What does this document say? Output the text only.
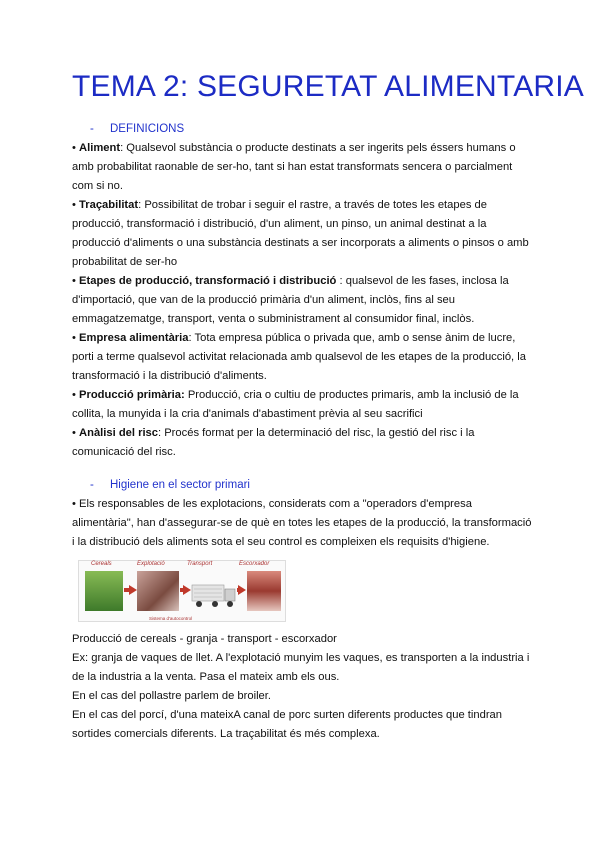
TEMA 2: SEGURETAT ALIMENTARIA
- DEFINICIONS

• Aliment: Qualsevol substància o producte destinats a ser ingerits pels éssers humans o amb probabilitat raonable de ser-ho, tant si han estat transformats sencera o parcialment com si no.

• Traçabilitat: Possibilitat de trobar i seguir el rastre, a través de totes les etapes de producció, transformació i distribució, d'un aliment, un pinso, un animal destinat a la producció d'aliments o una substància destinats a ser incorporats a aliments o pinsos o amb probabilitat de ser-ho

• Etapes de producció, transformació i distribució : qualsevol de les fases, inclosa la d'importació, que van de la producció primària d'un aliment, inclòs, fins al seu emmagatzematge, transport, venta o subministrament al consumidor final, inclòs.

• Empresa alimentària: Tota empresa pública o privada que, amb o sense ànim de lucre, porti a terme qualsevol activitat relacionada amb qualsevol de les etapes de la producció, la transformació i la distribució d'aliments.

• Producció primària: Producció, cria o cultiu de productes primaris, amb la inclusió de la collita, la munyida i la cria d'animals d'abastiment prèvia al seu sacrifici

• Anàlisi del risc: Procés format per la determinació del risc, la gestió del risc i la comunicació del risc.

- Higiene en el sector primari

• Els responsables de les explotacions, considerats com a "operadors d'empresa alimentària", han d'assegurar-se de què en totes les etapes de la producció, la transformació i la distribució dels aliments sota el seu control es compleixen els requisits d'higiene.

Cereals	Explotació	Transport	Escorxador
Sistema d'autocontrol

Producció de cereals - granja - transport - escorxador

Ex: granja de vaques de llet. A l'explotació munyim les vaques, es transporten a la industria i de la industria a la venta. Pasa el mateix amb els ous.

En el cas del pollastre parlem de broiler.

En el cas del porcí, d'una mateixA canal de porc surten diferents productes que tindran sortides comercials diferents. La traçabilitat és més complexa.
